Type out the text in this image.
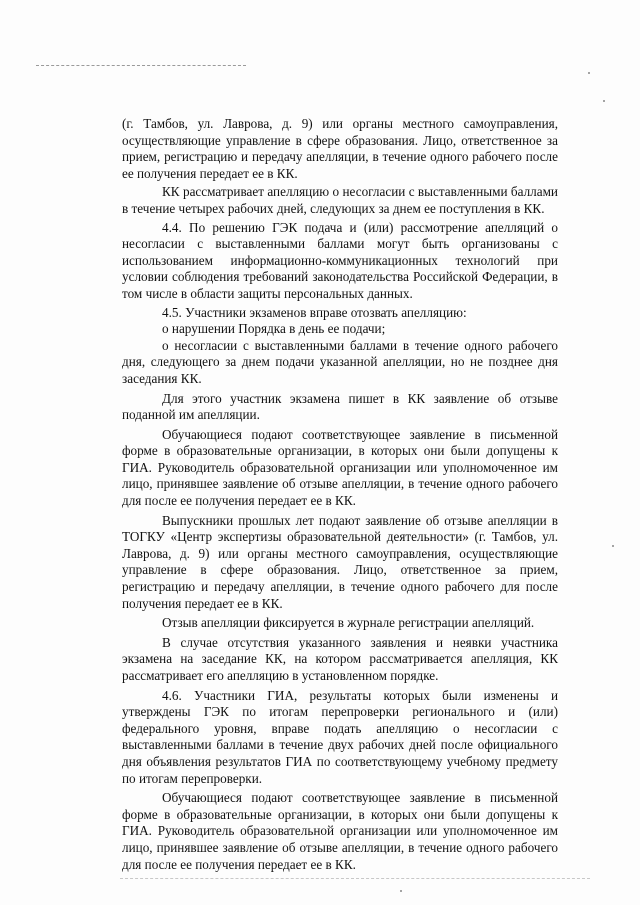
(г. Тамбов, ул. Лаврова, д. 9) или органы местного самоуправления, осуществляющие управление в сфере образования. Лицо, ответственное за прием, регистрацию и передачу апелляции, в течение одного рабочего после ее получения передает ее в КК.

КК рассматривает апелляцию о несогласии с выставленными баллами в течение четырех рабочих дней, следующих за днем ее поступления в КК.

4.4. По решению ГЭК подача и (или) рассмотрение апелляций о несогласии с выставленными баллами могут быть организованы с использованием информационно-коммуникационных технологий при условии соблюдения требований законодательства Российской Федерации, в том числе в области защиты персональных данных.

4.5. Участники экзаменов вправе отозвать апелляцию:

о нарушении Порядка в день ее подачи;

о несогласии с выставленными баллами в течение одного рабочего дня, следующего за днем подачи указанной апелляции, но не позднее дня заседания КК.

Для этого участник экзамена пишет в КК заявление об отзыве поданной им апелляции.

Обучающиеся подают соответствующее заявление в письменной форме в образовательные организации, в которых они были допущены к ГИА. Руководитель образовательной организации или уполномоченное им лицо, принявшее заявление об отзыве апелляции, в течение одного рабочего для после ее получения передает ее в КК.

Выпускники прошлых лет подают заявление об отзыве апелляции в ТОГКУ «Центр экспертизы образовательной деятельности» (г. Тамбов, ул. Лаврова, д. 9) или органы местного самоуправления, осуществляющие управление в сфере образования. Лицо, ответственное за прием, регистрацию и передачу апелляции, в течение одного рабочего для после получения передает ее в КК.

Отзыв апелляции фиксируется в журнале регистрации апелляций.

В случае отсутствия указанного заявления и неявки участника экзамена на заседание КК, на котором рассматривается апелляция, КК рассматривает его апелляцию в установленном порядке.

4.6. Участники ГИА, результаты которых были изменены и утверждены ГЭК по итогам перепроверки регионального и (или) федерального уровня, вправе подать апелляцию о несогласии с выставленными баллами в течение двух рабочих дней после официального дня объявления результатов ГИА по соответствующему учебному предмету по итогам перепроверки.

Обучающиеся подают соответствующее заявление в письменной форме в образовательные организации, в которых они были допущены к ГИА. Руководитель образовательной организации или уполномоченное им лицо, принявшее заявление об отзыве апелляции, в течение одного рабочего для после ее получения передает ее в КК.
